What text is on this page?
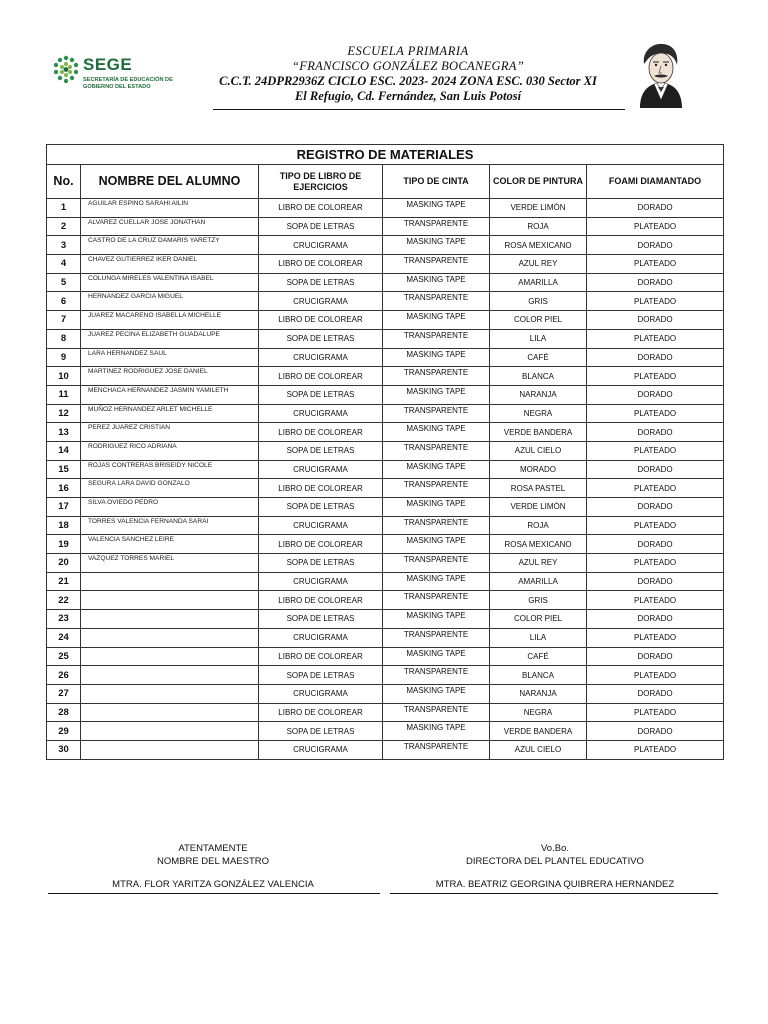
SEGE
SECRETARÍA DE EDUCACIÓN DE GOBIERNO DEL ESTADO
ESCUELA PRIMARIA
“FRANCISCO GONZÁLEZ BOCANEGRA”
C.C.T. 24DPR2936Z CICLO ESC. 2023- 2024 ZONA ESC. 030 Sector XI
El Refugio, Cd. Fernández, San Luis Potosí
REGISTRO DE MATERIALES					
No.	NOMBRE DEL ALUMNO	TIPO DE LIBRO DE EJERCICIOS	TIPO DE CINTA	COLOR DE PINTURA	FOAMI DIAMANTADO
1	AGUILAR ESPINO SARAHI AILIN	LIBRO DE COLOREAR	MASKING TAPE	VERDE LIMÓN	DORADO
2	ALVAREZ CUELLAR JOSE JONATHAN	SOPA DE LETRAS	TRANSPARENTE	ROJA	PLATEADO
3	CASTRO DE LA CRUZ DAMARIS YARETZY	CRUCIGRAMA	MASKING TAPE	ROSA MEXICANO	DORADO
4	CHAVEZ GUTIERREZ IKER DANIEL	LIBRO DE COLOREAR	TRANSPARENTE	AZUL REY	PLATEADO
5	COLUNGA MIRELES VALENTINA ISABEL	SOPA DE LETRAS	MASKING TAPE	AMARILLA	DORADO
6	HERNANDEZ GARCIA MIGUEL	CRUCIGRAMA	TRANSPARENTE	GRIS	PLATEADO
7	JUAREZ MACARENO ISABELLA MICHELLE	LIBRO DE COLOREAR	MASKING TAPE	COLOR PIEL	DORADO
8	JUAREZ PECINA ELIZABETH GUADALUPE	SOPA DE LETRAS	TRANSPARENTE	LILA	PLATEADO
9	LARA HERNANDEZ SAUL	CRUCIGRAMA	MASKING TAPE	CAFÉ	DORADO
10	MARTINEZ RODRIGUEZ JOSE DANIEL	LIBRO DE COLOREAR	TRANSPARENTE	BLANCA	PLATEADO
11	MENCHACA HERNANDEZ JASMIN YAMILETH	SOPA DE LETRAS	MASKING TAPE	NARANJA	DORADO
12	MUÑOZ HERNANDEZ ARLET MICHELLE	CRUCIGRAMA	TRANSPARENTE	NEGRA	PLATEADO
13	PEREZ JUAREZ CRISTIAN	LIBRO DE COLOREAR	MASKING TAPE	VERDE BANDERA	DORADO
14	RODRIGUEZ RICO ADRIANA	SOPA DE LETRAS	TRANSPARENTE	AZUL CIELO	PLATEADO
15	ROJAS CONTRERAS BRISEIDY NICOLE	CRUCIGRAMA	MASKING TAPE	MORADO	DORADO
16	SEGURA LARA DAVID GONZALO	LIBRO DE COLOREAR	TRANSPARENTE	ROSA PASTEL	PLATEADO
17	SILVA OVIEDO PEDRO	SOPA DE LETRAS	MASKING TAPE	VERDE LIMÓN	DORADO
18	TORRES VALENCIA FERNANDA SARAI	CRUCIGRAMA	TRANSPARENTE	ROJA	PLATEADO
19	VALENCIA SANCHEZ LEIRE	LIBRO DE COLOREAR	MASKING TAPE	ROSA MEXICANO	DORADO
20	VAZQUEZ TORRES MARIEL	SOPA DE LETRAS	TRANSPARENTE	AZUL REY	PLATEADO
21		CRUCIGRAMA	MASKING TAPE	AMARILLA	DORADO
22		LIBRO DE COLOREAR	TRANSPARENTE	GRIS	PLATEADO
23		SOPA DE LETRAS	MASKING TAPE	COLOR PIEL	DORADO
24		CRUCIGRAMA	TRANSPARENTE	LILA	PLATEADO
25		LIBRO DE COLOREAR	MASKING TAPE	CAFÉ	DORADO
26		SOPA DE LETRAS	TRANSPARENTE	BLANCA	PLATEADO
27		CRUCIGRAMA	MASKING TAPE	NARANJA	DORADO
28		LIBRO DE COLOREAR	TRANSPARENTE	NEGRA	PLATEADO
29		SOPA DE LETRAS	MASKING TAPE	VERDE BANDERA	DORADO
30		CRUCIGRAMA	TRANSPARENTE	AZUL CIELO	PLATEADO
ATENTAMENTE
NOMBRE DEL MAESTRO
MTRA. FLOR YARITZA GONZÁLEZ VALENCIA
Vo.Bo.
DIRECTORA DEL PLANTEL EDUCATIVO
MTRA. BEATRIZ GEORGINA QUIBRERA HERNANDEZ
